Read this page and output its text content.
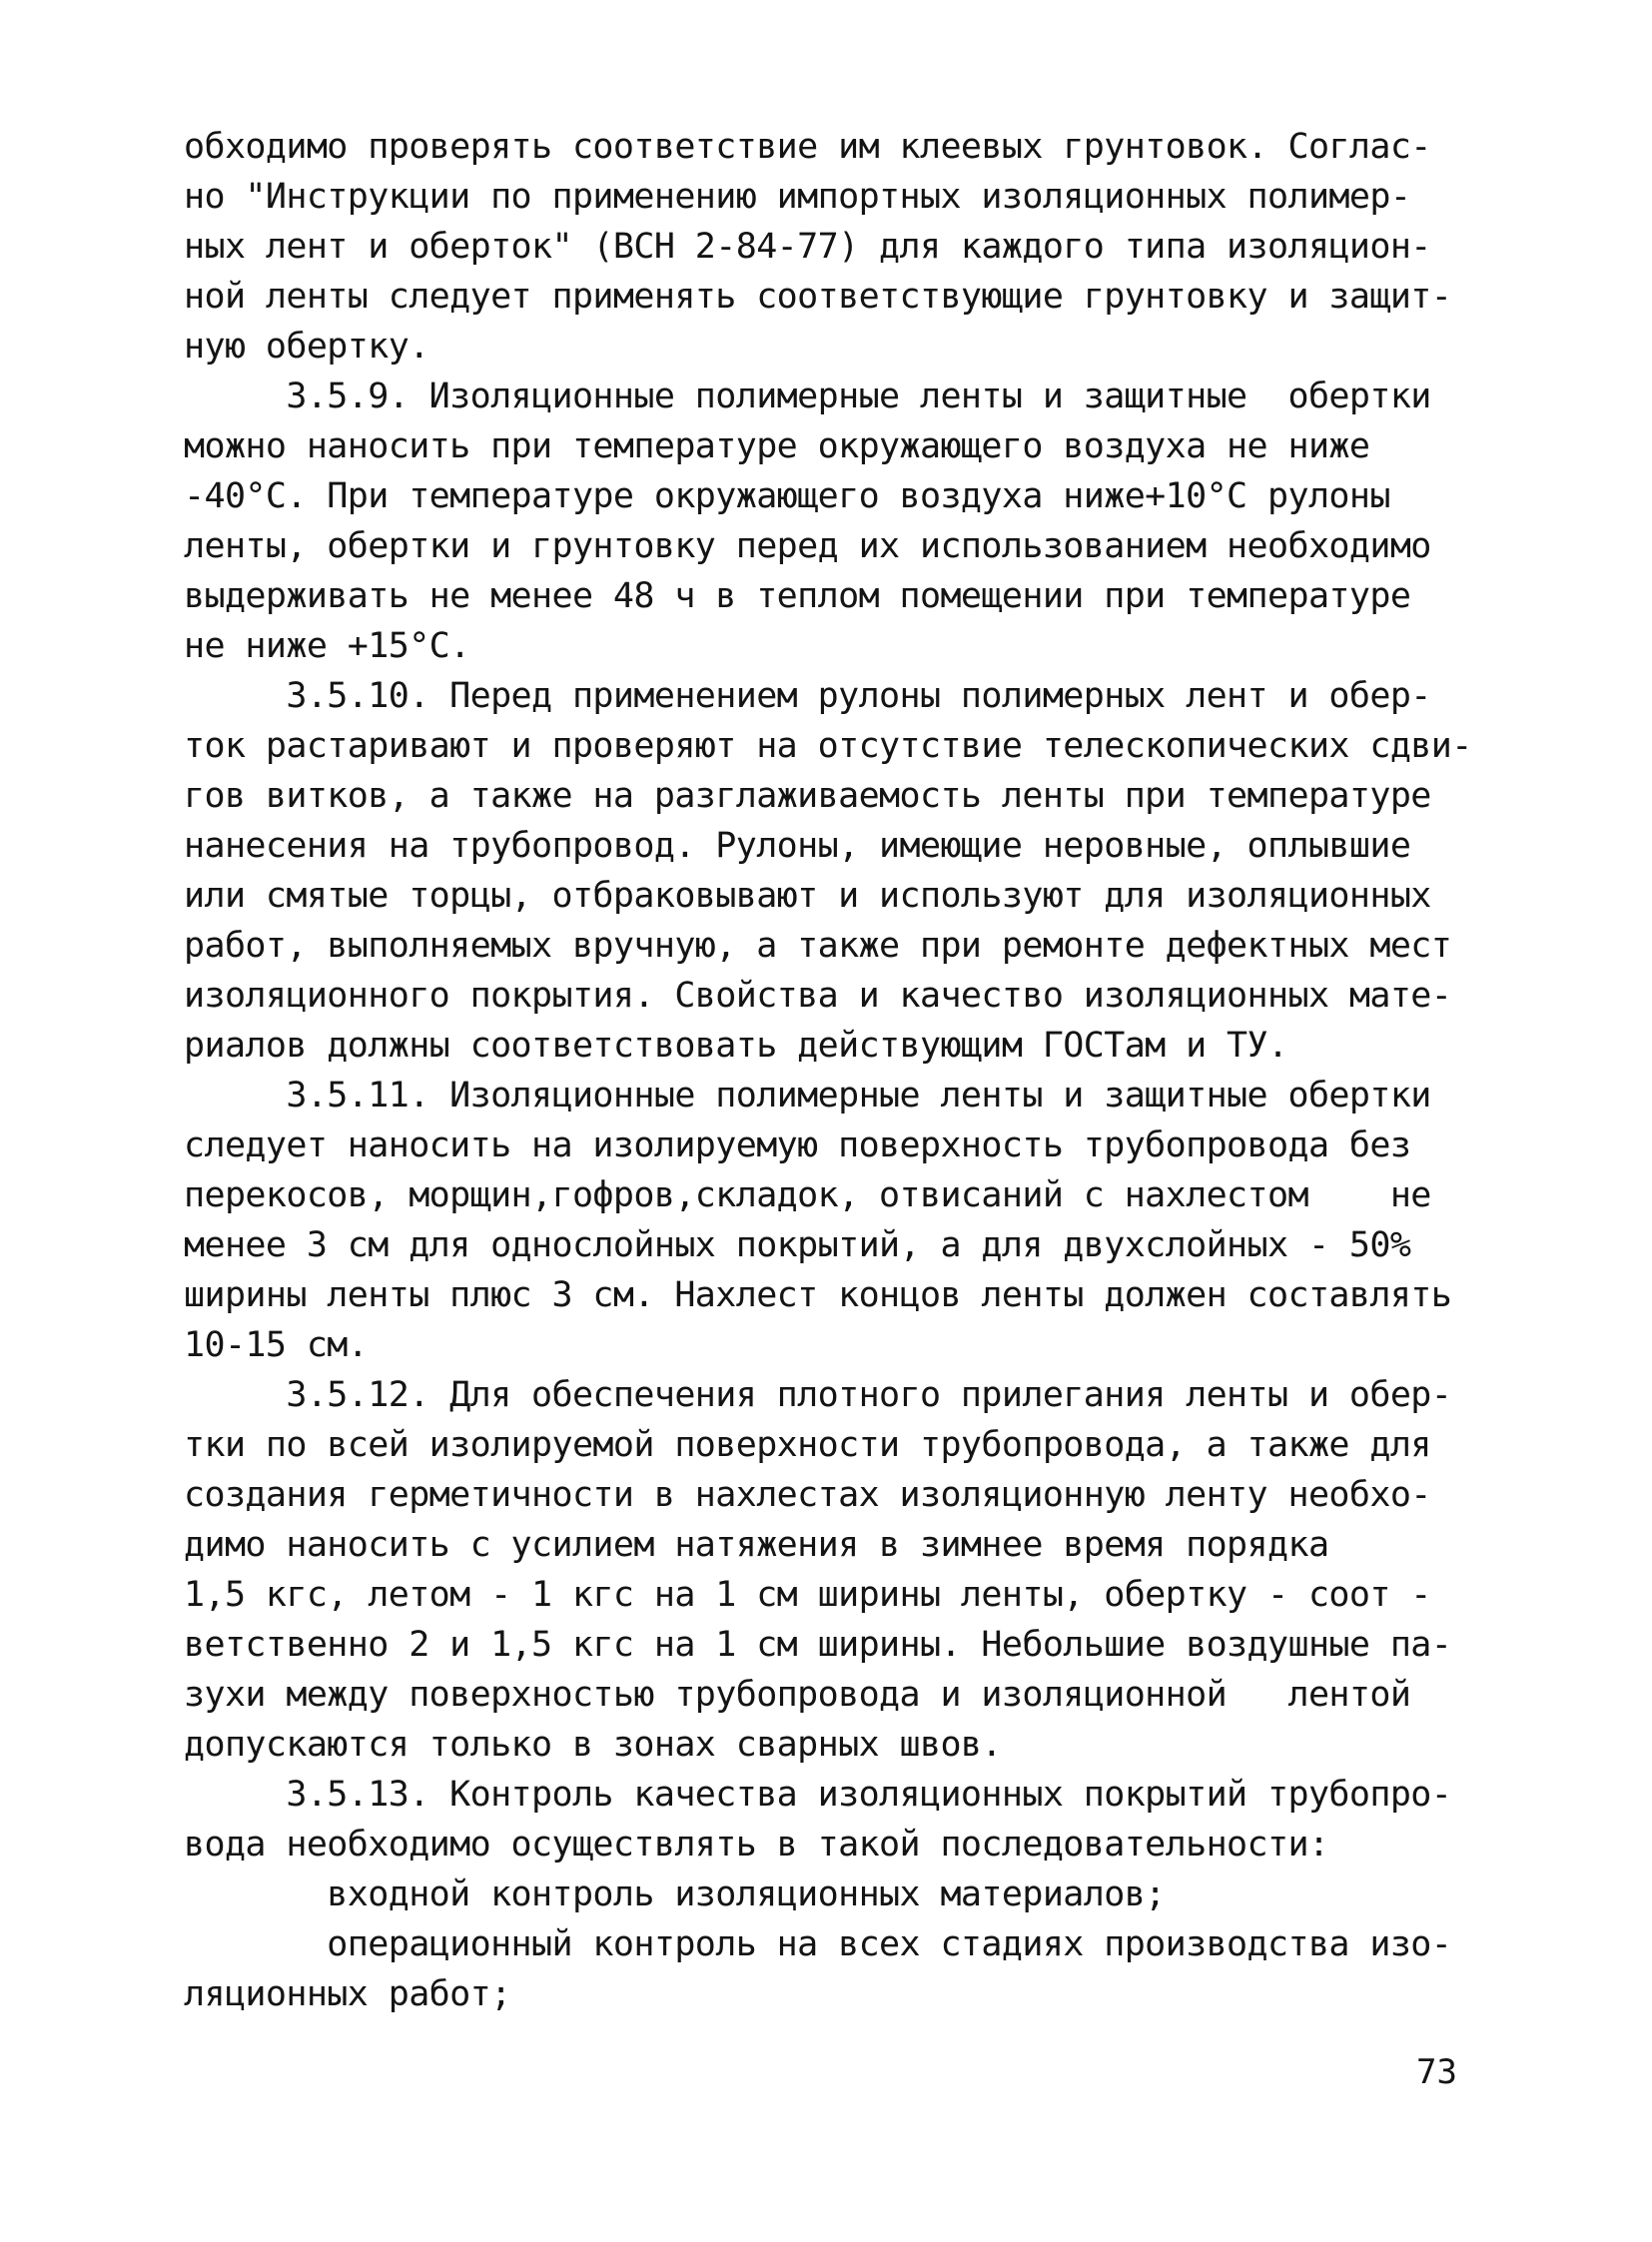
обходимо проверять соответствие им клеевых грунтовок. Соглас-
но "Инструкции по применению импортных изоляционных полимер-
ных лент и оберток" (ВСН 2-84-77) для каждого типа изоляцион-
ной ленты следует применять соответствующие грунтовку и защит-
ную обертку.
3.5.9. Изоляционные полимерные ленты и защитные  обертки
можно наносить при температуре окружающего воздуха не ниже
-40°С. При температуре окружающего воздуха ниже+10°С рулоны
ленты, обертки и грунтовку перед их использованием необходимо
выдерживать не менее 48 ч в теплом помещении при температуре
не ниже +15°С.
3.5.10. Перед применением рулоны полимерных лент и обер-
ток растаривают и проверяют на отсутствие телескопических сдви-
гов витков, а также на разглаживаемость ленты при температуре
нанесения на трубопровод. Рулоны, имеющие неровные, оплывшие
или смятые торцы, отбраковывают и используют для изоляционных
работ, выполняемых вручную, а также при ремонте дефектных мест
изоляционного покрытия. Свойства и качество изоляционных мате-
риалов должны соответствовать действующим ГОСТам и ТУ.
3.5.11. Изоляционные полимерные ленты и защитные обертки
следует наносить на изолируемую поверхность трубопровода без
перекосов, морщин,гофров,складок, отвисаний с нахлестом    не
менее 3 см для однослойных покрытий, а для двухслойных - 50%
ширины ленты плюс 3 см. Нахлест концов ленты должен составлять
10-15 см.
3.5.12. Для обеспечения плотного прилегания ленты и обер-
тки по всей изолируемой поверхности трубопровода, а также для
создания герметичности в нахлестах изоляционную ленту необхо-
димо наносить с усилием натяжения в зимнее время порядка
1,5 кгс, летом - 1 кгс на 1 см ширины ленты, обертку - соот -
ветственно 2 и 1,5 кгс на 1 см ширины. Небольшие воздушные па-
зухи между поверхностью трубопровода и изоляционной   лентой
допускаются только в зонах сварных швов.
3.5.13. Контроль качества изоляционных покрытий трубопро-
вода необходимо осуществлять в такой последовательности:
входной контроль изоляционных материалов;
операционный контроль на всех стадиях производства изо-
ляционных работ;
73
